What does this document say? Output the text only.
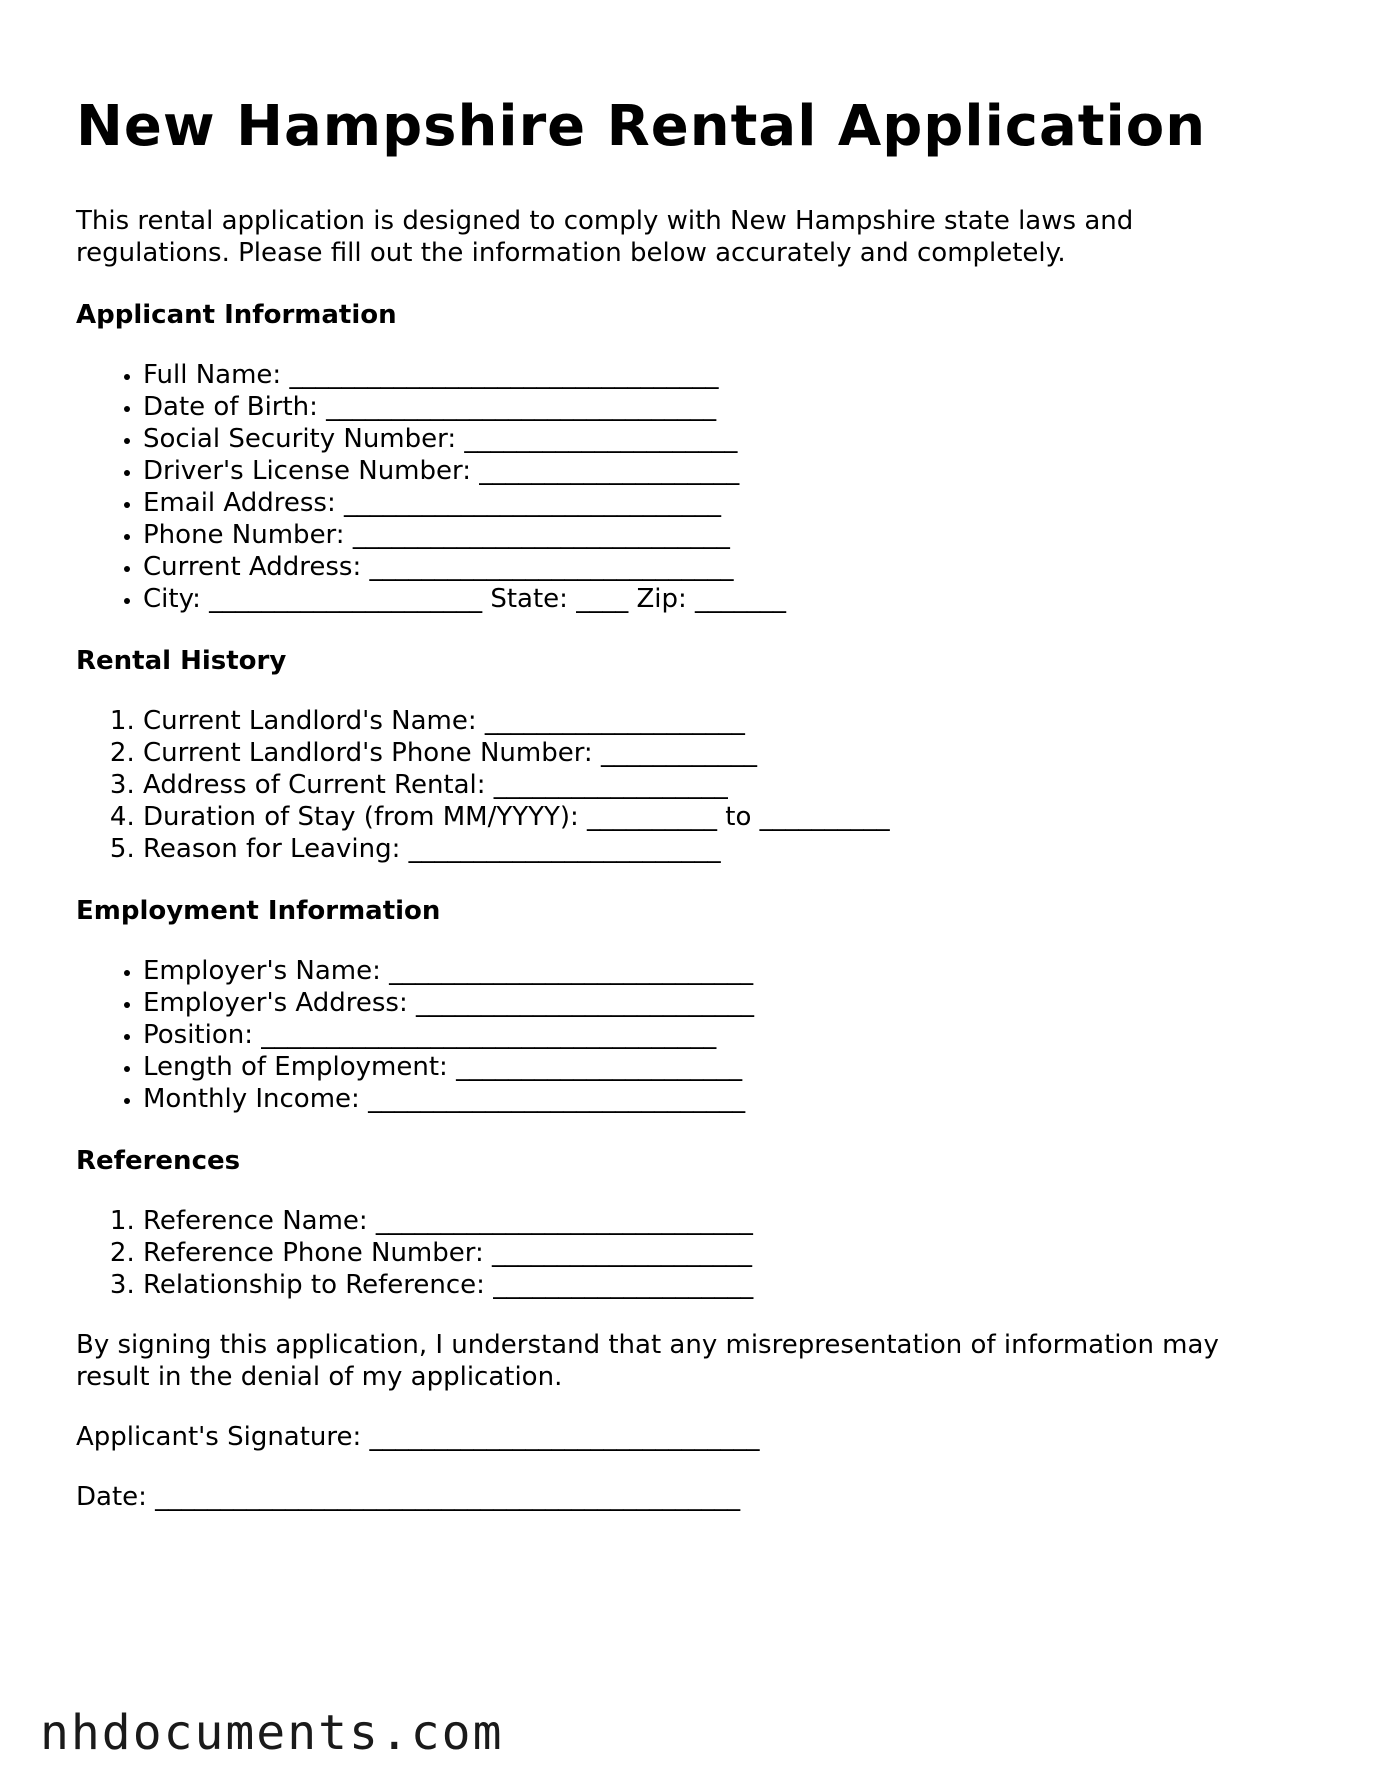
New Hampshire Rental Application

This rental application is designed to comply with New Hampshire state laws and regulations. Please fill out the information below accurately and completely.

Applicant Information
• Full Name: _________________________________
• Date of Birth: ______________________________
• Social Security Number: _____________________
• Driver's License Number: ____________________
• Email Address: _____________________________
• Phone Number: _____________________________
• Current Address: ____________________________
• City: _____________________ State: ____ Zip: _______
Rental History
1. Current Landlord's Name: ____________________
2. Current Landlord's Phone Number: ____________
3. Address of Current Rental: __________________
4. Duration of Stay (from MM/YYYY): __________ to __________
5. Reason for Leaving: ________________________
Employment Information
• Employer's Name: ____________________________
• Employer's Address: __________________________
• Position: ___________________________________
• Length of Employment: ______________________
• Monthly Income: _____________________________
References
1. Reference Name: _____________________________
2. Reference Phone Number: ____________________
3. Relationship to Reference: ____________________

By signing this application, I understand that any misrepresentation of information may result in the denial of my application.

Applicant's Signature: ______________________________

Date: _____________________________________________

nhdocuments.com
